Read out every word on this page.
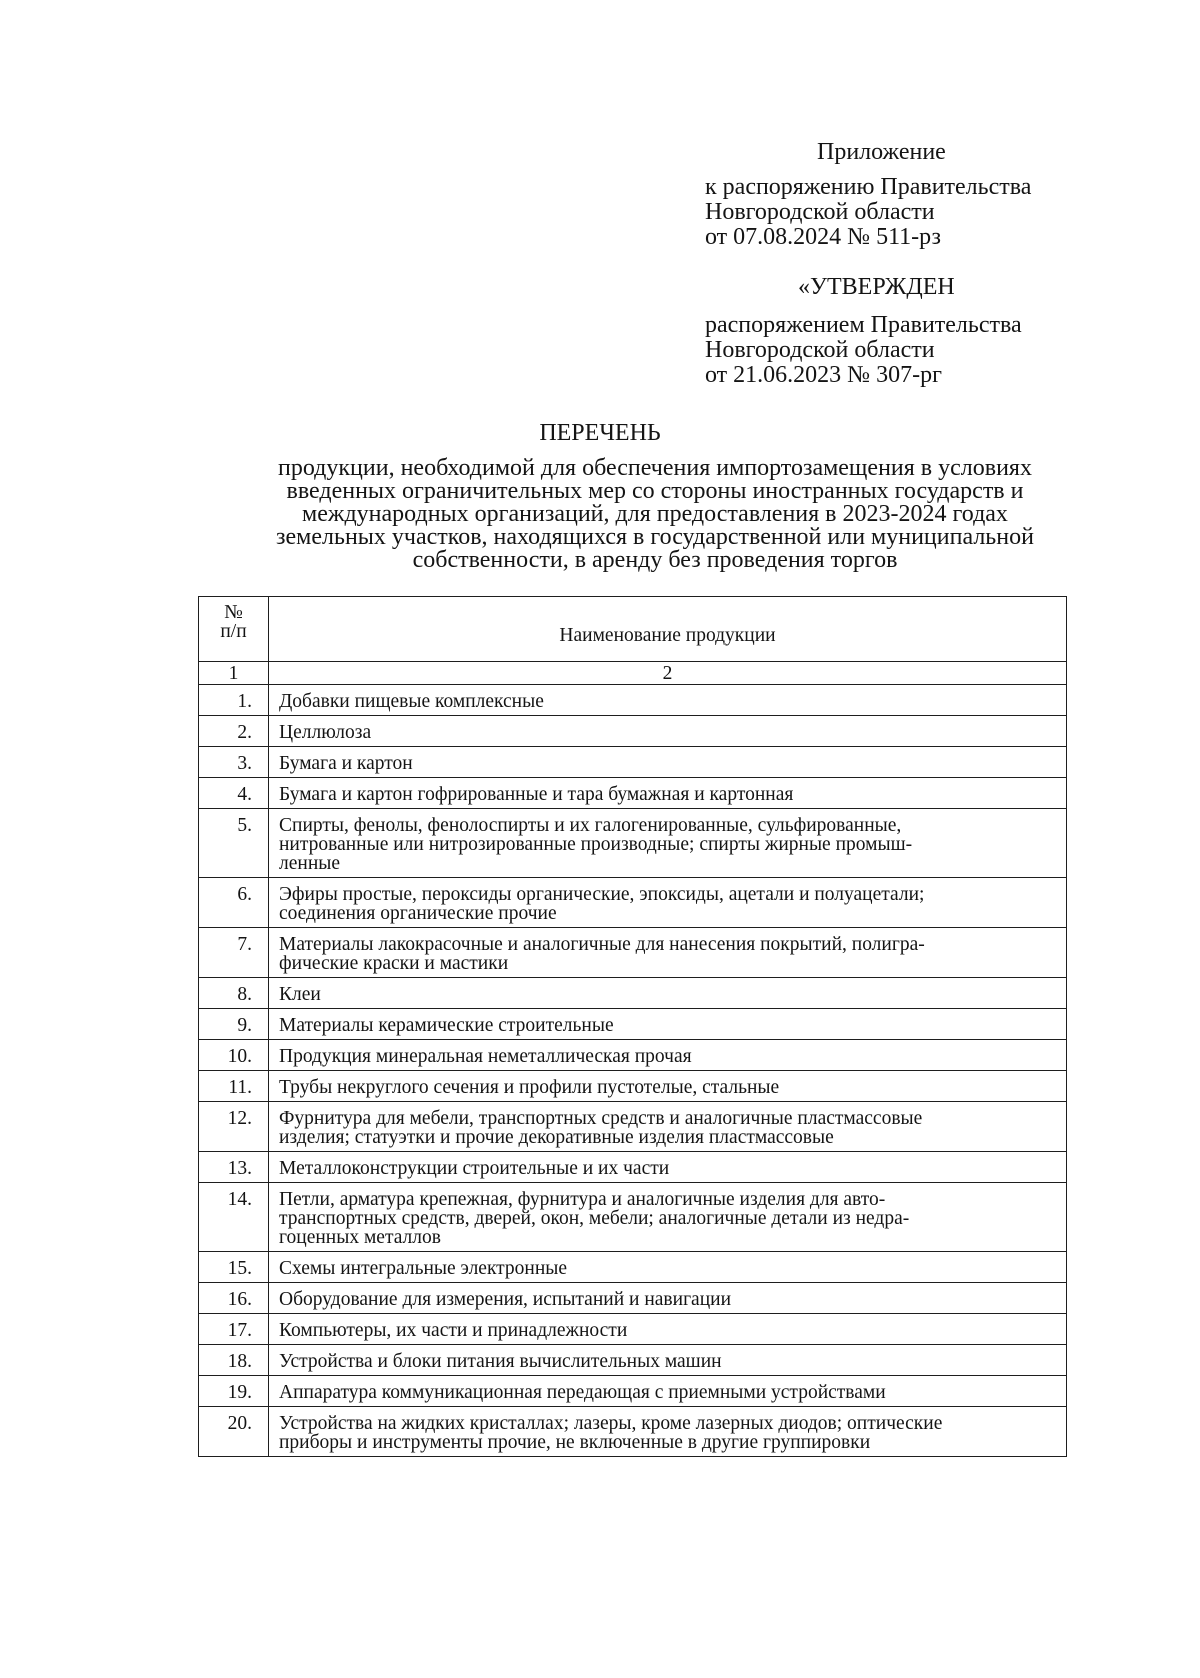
Приложение
к распоряжению Правительства
Новгородской области
от 07.08.2024 № 511-рз
«УТВЕРЖДЕН
распоряжением Правительства
Новгородской области
от 21.06.2023 № 307-рг
ПЕРЕЧЕНЬ
продукции, необходимой для обеспечения импортозамещения в условиях
введенных ограничительных мер со стороны иностранных государств и
международных организаций, для предоставления в 2023-2024 годах
земельных участков, находящихся в государственной или муниципальной
собственности, в аренду без проведения торгов
№
п/п	Наименование продукции
1	2
1.	Добавки пищевые комплексные
2.	Целлюлоза
3.	Бумага и картон
4.	Бумага и картон гофрированные и тара бумажная и картонная
5.	Спирты, фенолы, фенолоспирты и их галогенированные, сульфированные,
нитрованные или нитрозированные производные; спирты жирные промыш-
ленные
6.	Эфиры простые, пероксиды органические, эпоксиды, ацетали и полуацетали;
соединения органические прочие
7.	Материалы лакокрасочные и аналогичные для нанесения покрытий, полигра-
фические краски и мастики
8.	Клеи
9.	Материалы керамические строительные
10.	Продукция минеральная неметаллическая прочая
11.	Трубы некруглого сечения и профили пустотелые, стальные
12.	Фурнитура для мебели, транспортных средств и аналогичные пластмассовые
изделия; статуэтки и прочие декоративные изделия пластмассовые
13.	Металлоконструкции строительные и их части
14.	Петли, арматура крепежная, фурнитура и аналогичные изделия для авто-
транспортных средств, дверей, окон, мебели; аналогичные детали из недра-
гоценных металлов
15.	Схемы интегральные электронные
16.	Оборудование для измерения, испытаний и навигации
17.	Компьютеры, их части и принадлежности
18.	Устройства и блоки питания вычислительных машин
19.	Аппаратура коммуникационная передающая с приемными устройствами
20.	Устройства на жидких кристаллах; лазеры, кроме лазерных диодов; оптические
приборы и инструменты прочие, не включенные в другие группировки
